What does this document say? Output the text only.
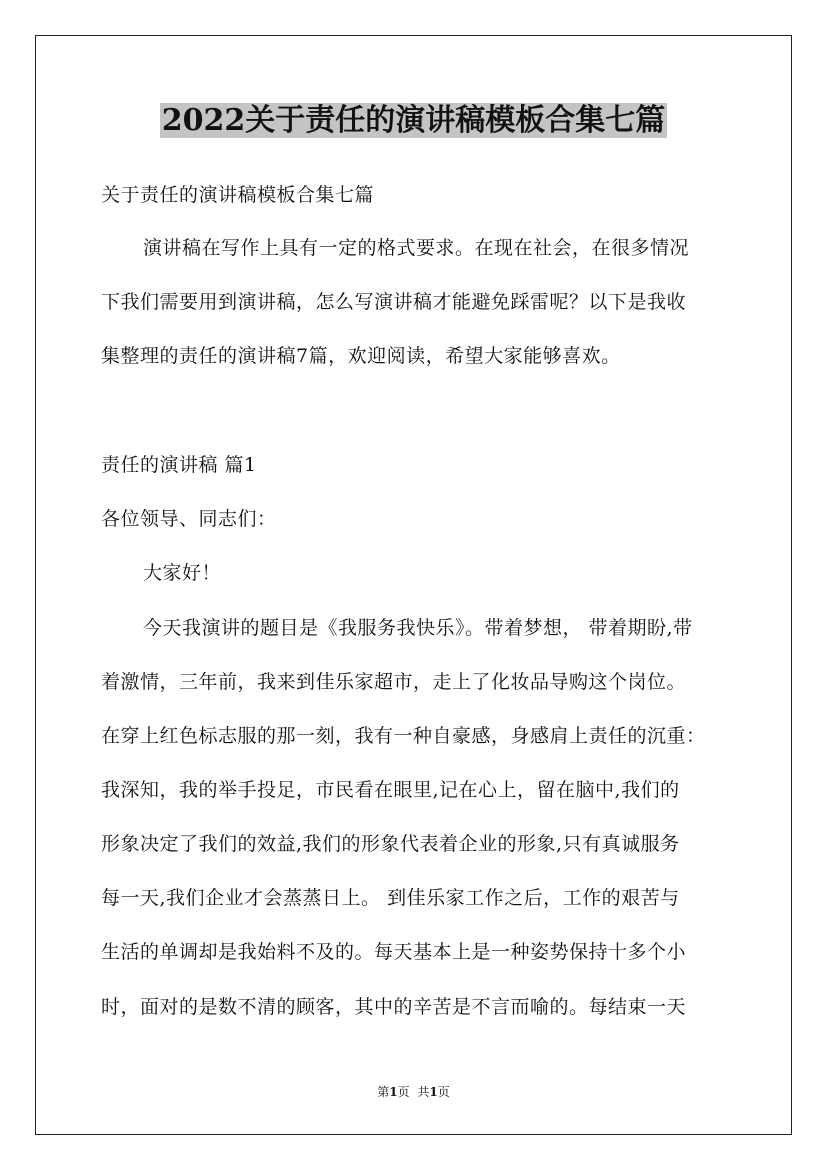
2022关于责任的演讲稿模板合集七篇
关于责任的演讲稿模板合集七篇
演讲稿在写作上具有一定的格式要求。在现在社会，在很多情况
下我们需要用到演讲稿，怎么写演讲稿才能避免踩雷呢？以下是我收
集整理的责任的演讲稿7篇，欢迎阅读，希望大家能够喜欢。
责任的演讲稿 篇1
各位领导、同志们：
大家好！
今天我演讲的题目是《我服务我快乐》。带着梦想， 带着期盼,带
着激情，三年前，我来到佳乐家超市，走上了化妆品导购这个岗位。
在穿上红色标志服的那一刻，我有一种自豪感，身感肩上责任的沉重：
我深知，我的举手投足，市民看在眼里,记在心上，留在脑中,我们的
形象决定了我们的效益,我们的形象代表着企业的形象,只有真诚服务
每一天,我们企业才会蒸蒸日上。 到佳乐家工作之后，工作的艰苦与
生活的单调却是我始料不及的。每天基本上是一种姿势保持十多个小
时，面对的是数不清的顾客，其中的辛苦是不言而喻的。每结束一天
第1页 共1页
